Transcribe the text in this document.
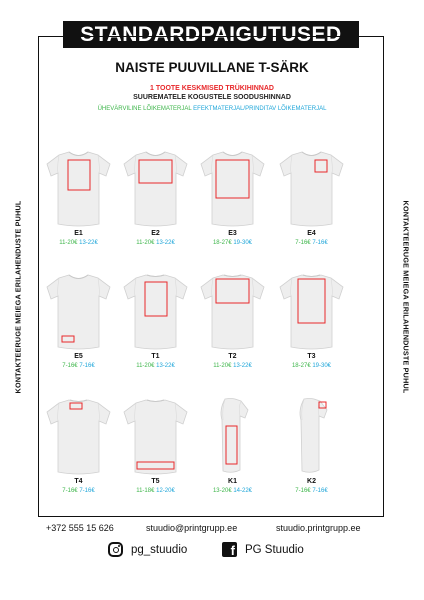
STANDARDPAIGUTUSED
NAISTE PUUVILLANE T-SÄRK
1 TOOTE KESKMISED TRÜKIHINNAD
SUUREMATELE KOGUSTELE SOODUSHINNAD
ÜHEVÄRVILINE LÕIKEMATERJAL EFEKTMATERJAL/PRINDITAV LÕIKEMATERJAL
KONTAKTEERUGE MEIEGA ERILAHENDUSTE PUHUL	KONTAKTEERUGE MEIEGA ERILAHENDUSTE PUHUL
E1
11-20€ 13-22€
E2
11-20€ 13-22€
E3
18-27€ 19-30€
E4
7-16€ 7-16€
E5
7-16€ 7-16€
T1
11-20€ 13-22€
T2
11-20€ 13-22€
T3
18-27€ 19-30€
T4
7-16€ 7-16€
T5
11-18€ 12-20€
K1
13-20€ 14-22€
K2
7-16€ 7-16€
+372 555 15 626	stuudio@printgrupp.ee	stuudio.printgrupp.ee
pg_stuudio	f PG Stuudio
